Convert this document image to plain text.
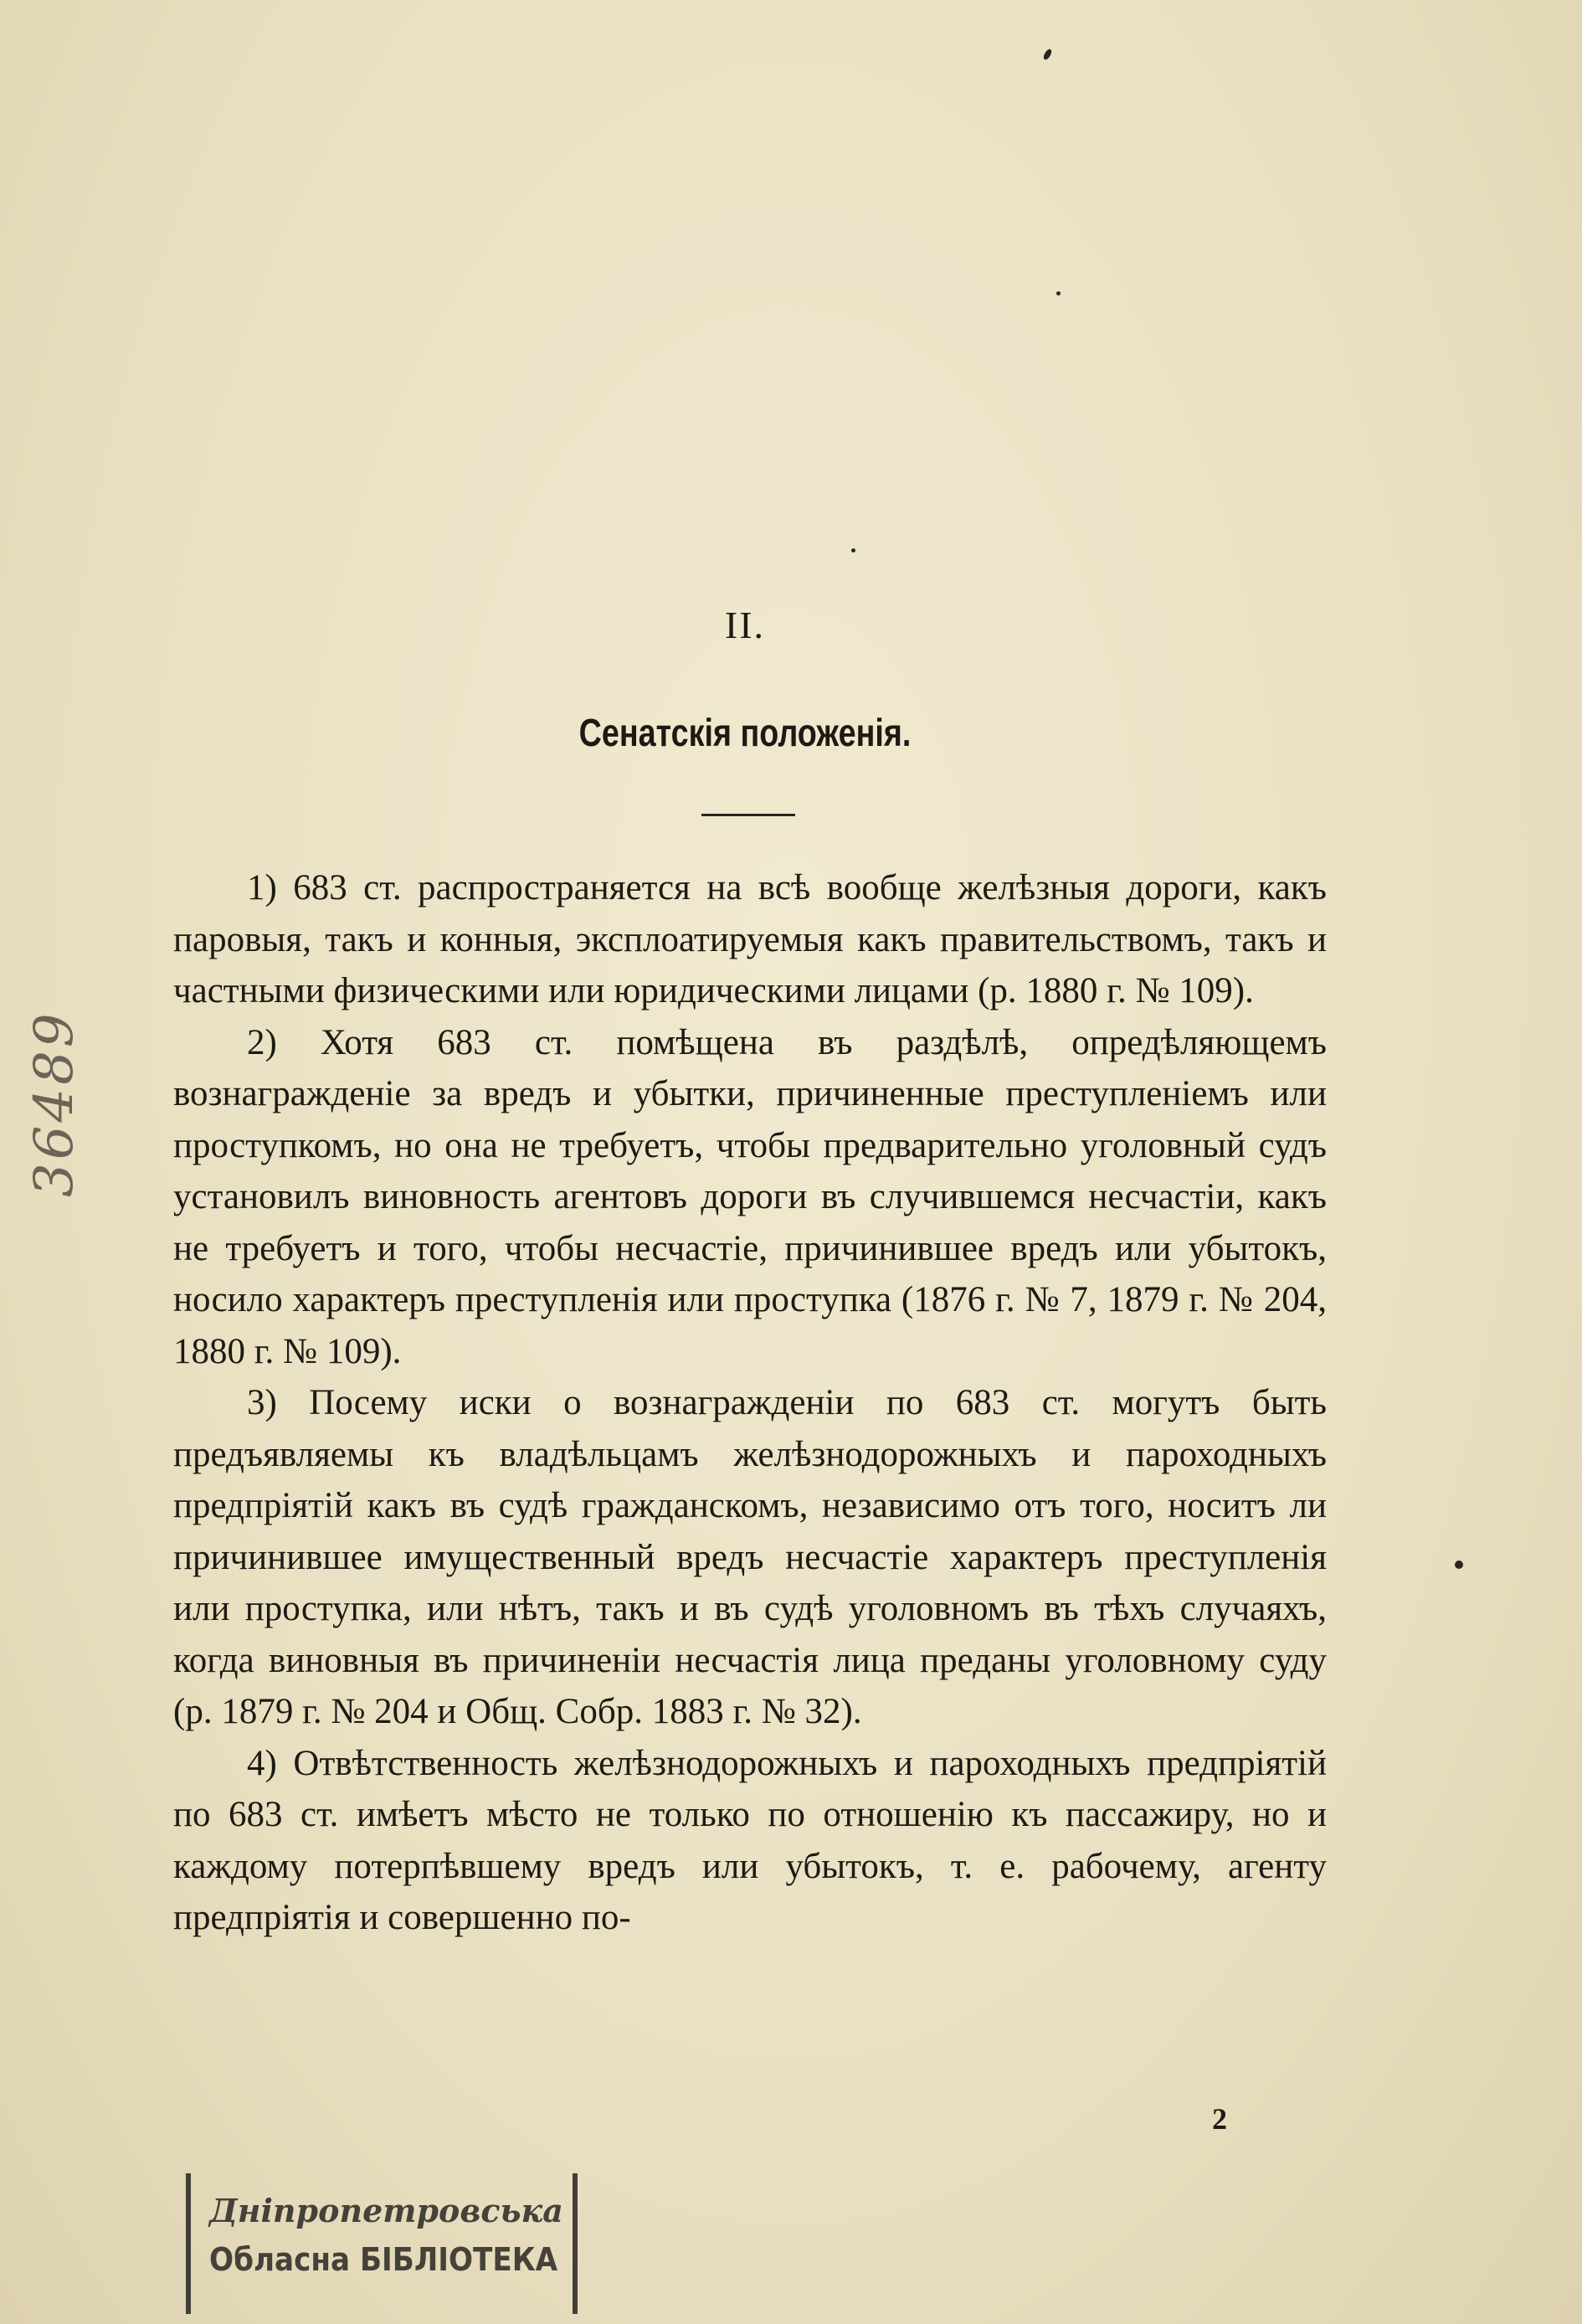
36489
II.
Сенатскія положенія.

1) 683 ст. распространяется на всѣ вообще желѣзныя дороги, какъ паровыя, такъ и конныя, эксплоатируемыя какъ правительствомъ, такъ и частными физическими или юридическими лицами (р. 1880 г. № 109).

2) Хотя 683 ст. помѣщена въ раздѣлѣ, опредѣляющемъ вознагражденіе за вредъ и убытки, причиненные преступленіемъ или проступкомъ, но она не требуетъ, чтобы предварительно уголовный судъ установилъ виновность агентовъ дороги въ случившемся несчастіи, какъ не требуетъ и того, чтобы несчастіе, причинившее вредъ или убытокъ, носило характеръ преступленія или проступка (1876 г. № 7, 1879 г. № 204, 1880 г. № 109).

3) Посему иски о вознагражденіи по 683 ст. могутъ быть предъявляемы къ владѣльцамъ желѣзнодорожныхъ и пароходныхъ предпріятій какъ въ судѣ гражданскомъ, независимо отъ того, носитъ ли причинившее имущественный вредъ несчастіе характеръ преступленія или проступка, или нѣтъ, такъ и въ судѣ уголовномъ въ тѣхъ случаяхъ, когда виновныя въ причиненіи несчастія лица преданы уголовному суду (р. 1879 г. № 204 и Общ. Собр. 1883 г. № 32).

4) Отвѣтственность желѣзнодорожныхъ и пароходныхъ предпріятій по 683 ст. имѣетъ мѣсто не только по отношенію къ пассажиру, но и каждому потерпѣвшему вредъ или убытокъ, т. е. рабочему, агенту предпріятія и совершенно по-

2
Дніпропетровська
Обласна БІБЛІОТЕКА
